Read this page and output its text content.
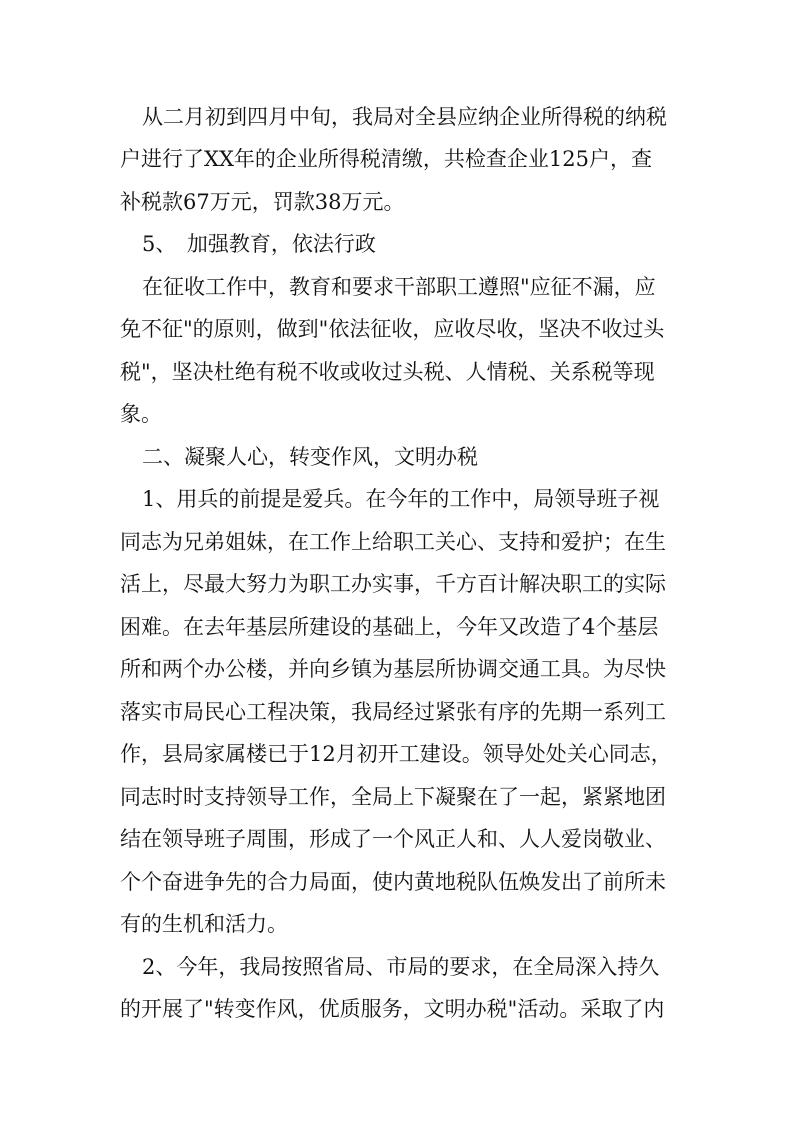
从二月初到四月中旬，我局对全县应纳企业所得税的纳税
户进行了XX年的企业所得税清缴，共检查企业125户，查
补税款67万元，罚款38万元。
5、　加强教育，依法行政
在征收工作中，教育和要求干部职工遵照"应征不漏，应
免不征"的原则，做到"依法征收，应收尽收，坚决不收过头
税"，坚决杜绝有税不收或收过头税、人情税、关系税等现
象。
二、凝聚人心，转变作风，文明办税
1、用兵的前提是爱兵。在今年的工作中，局领导班子视
同志为兄弟姐妹，在工作上给职工关心、支持和爱护；在生
活上，尽最大努力为职工办实事，千方百计解决职工的实际
困难。在去年基层所建设的基础上，今年又改造了4个基层
所和两个办公楼，并向乡镇为基层所协调交通工具。为尽快
落实市局民心工程决策，我局经过紧张有序的先期一系列工
作，县局家属楼已于12月初开工建设。领导处处关心同志，
同志时时支持领导工作，全局上下凝聚在了一起，紧紧地团
结在领导班子周围，形成了一个风正人和、人人爱岗敬业、
个个奋进争先的合力局面，使内黄地税队伍焕发出了前所未
有的生机和活力。
2、今年，我局按照省局、市局的要求，在全局深入持久
的开展了"转变作风，优质服务，文明办税"活动。采取了内
